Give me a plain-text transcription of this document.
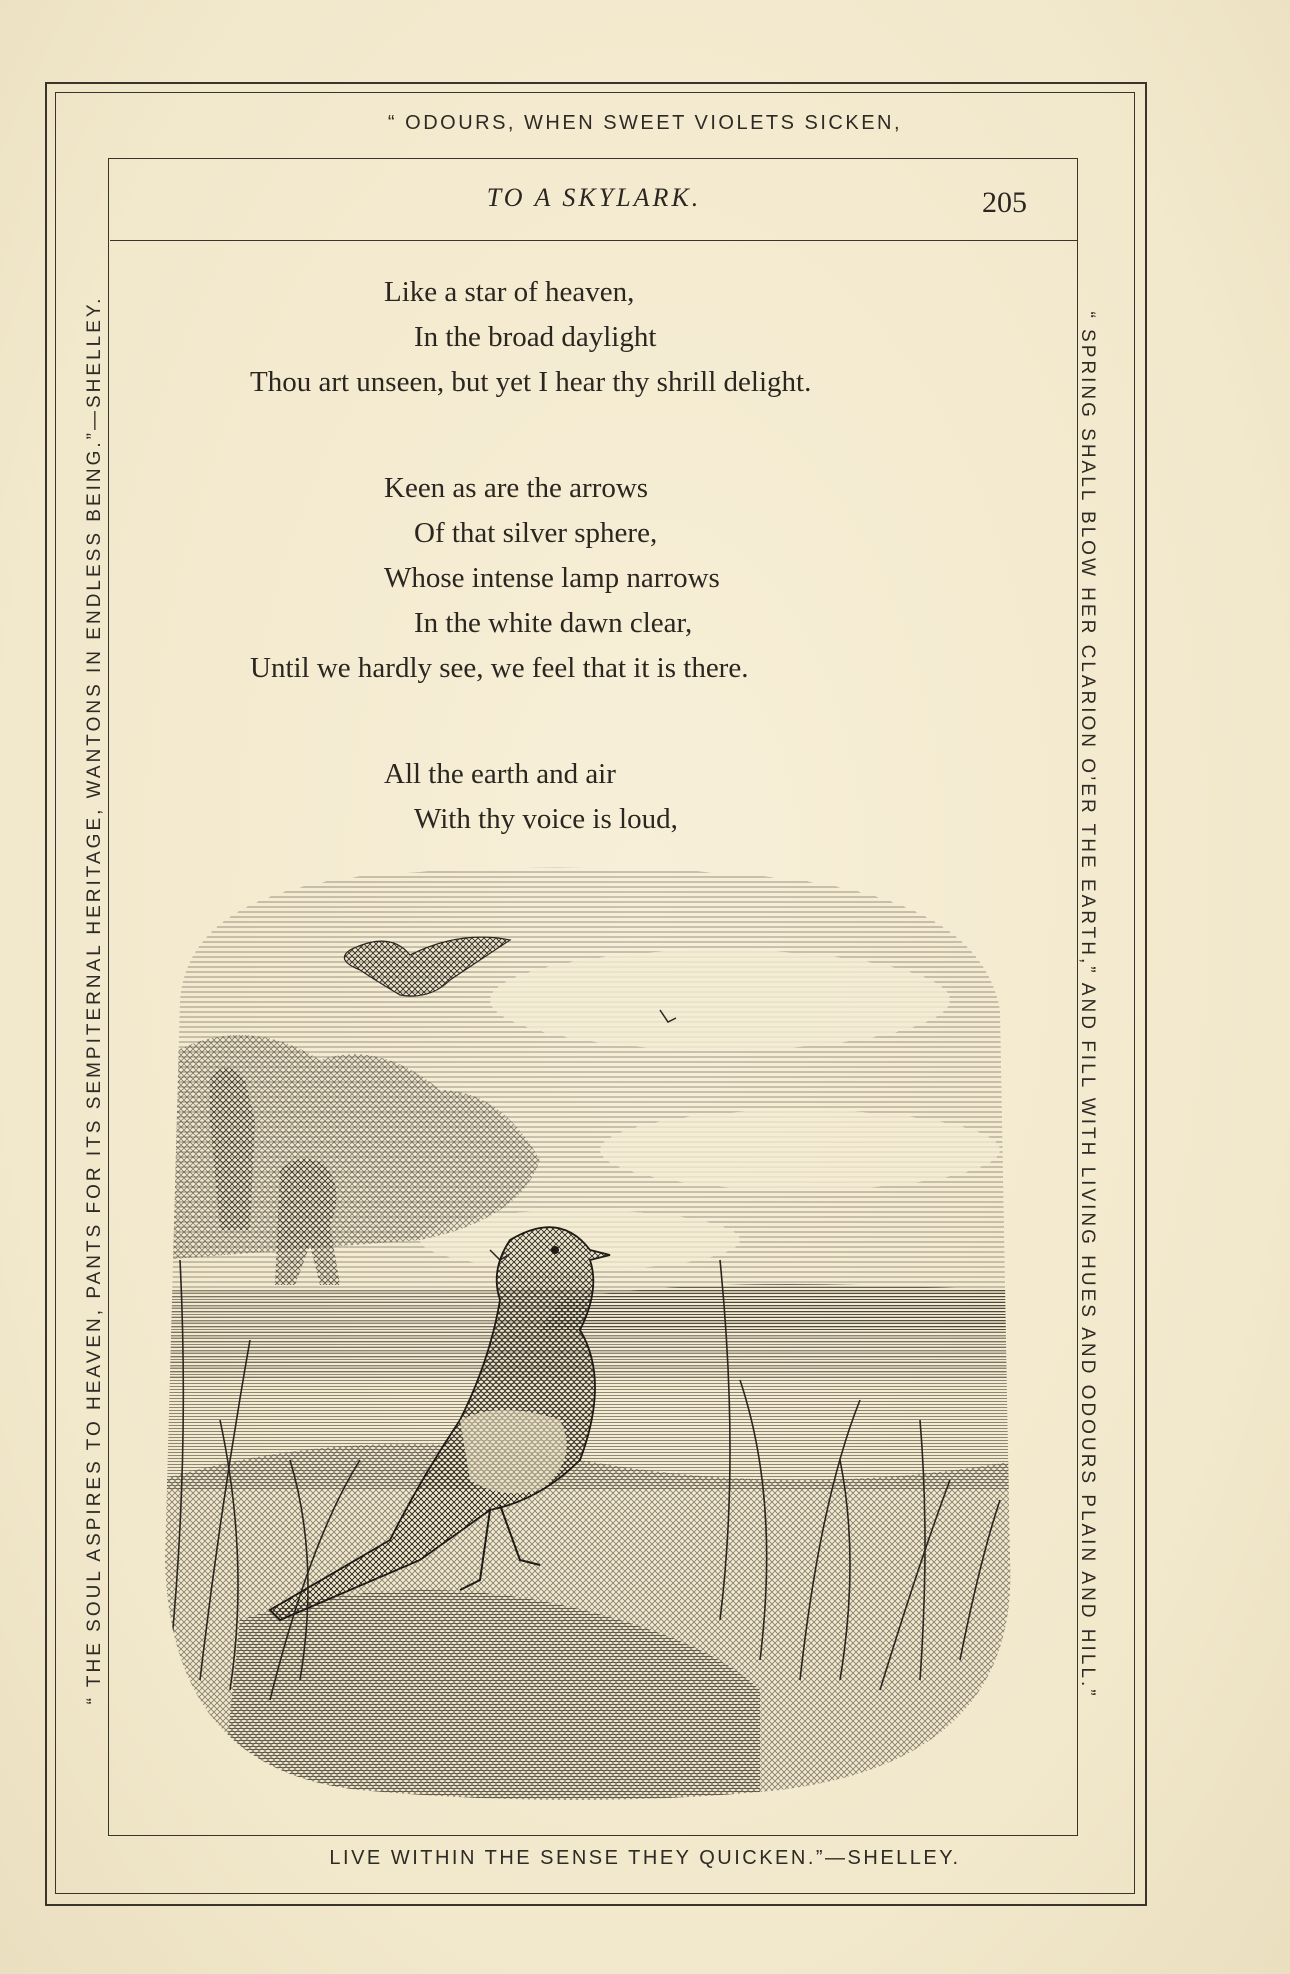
“ ODOURS, WHEN SWEET VIOLETS SICKEN,
LIVE WITHIN THE SENSE THEY QUICKEN.”—SHELLEY.
“ THE SOUL ASPIRES TO HEAVEN, PANTS FOR ITS SEMPITERNAL HERITAGE, WANTONS IN ENDLESS BEING.”—SHELLEY.	“ SPRING SHALL BLOW HER CLARION O’ER THE EARTH,” AND FILL WITH LIVING HUES AND ODOURS PLAIN AND HILL.”
TO A SKYLARK.	205
Like a star of heaven,
In the broad daylight
Thou art unseen, but yet I hear thy shrill delight.
Keen as are the arrows
Of that silver sphere,
Whose intense lamp narrows
In the white dawn clear,
Until we hardly see, we feel that it is there.
All the earth and air
With thy voice is loud,
